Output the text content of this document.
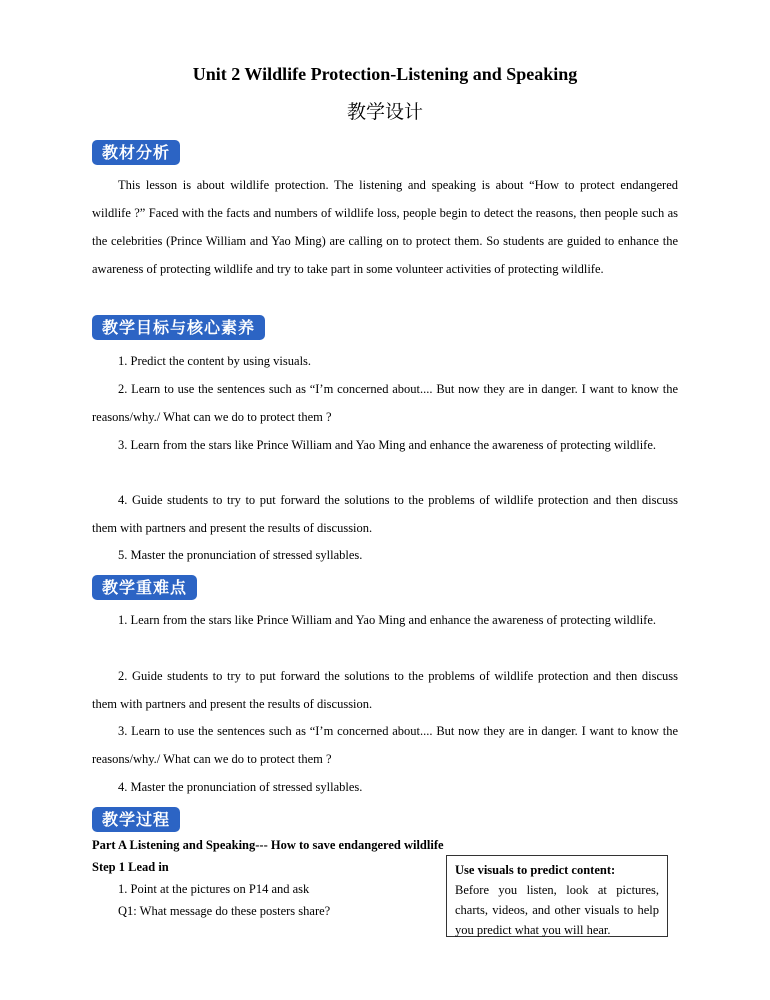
Unit 2 Wildlife Protection-Listening and Speaking
教学设计
教材分析
This lesson is about wildlife protection. The listening and speaking is about “How to protect endangered wildlife ?” Faced with the facts and numbers of wildlife loss, people begin to detect the reasons, then people such as the celebrities (Prince William and Yao Ming) are calling on to protect them. So students are guided to enhance the awareness of protecting wildlife and try to take part in some volunteer activities of protecting wildlife.
教学目标与核心素养
1. Predict the content by using visuals.
2. Learn to use the sentences such as “I’m concerned about.... But now they are in danger. I want to know the reasons/why./ What can we do to protect them ?
3. Learn from the stars like Prince William and Yao Ming and enhance the awareness of protecting wildlife.
4. Guide students to try to put forward the solutions to the problems of wildlife protection and then discuss them with partners and present the results of discussion.
5. Master the pronunciation of stressed syllables.
教学重难点
1. Learn from the stars like Prince William and Yao Ming and enhance the awareness of protecting wildlife.
2. Guide students to try to put forward the solutions to the problems of wildlife protection and then discuss them with partners and present the results of discussion.
3. Learn to use the sentences such as “I’m concerned about.... But now they are in danger. I want to know the reasons/why./ What can we do to protect them ?
4. Master the pronunciation of stressed syllables.
教学过程
Part A Listening and Speaking--- How to save endangered wildlife
Step 1 Lead in
1. Point at the pictures on P14 and ask
Q1: What message do these posters share?
Use visuals to predict content:
Before you listen, look at pictures, charts, videos, and other visuals to help you predict what you will hear.
